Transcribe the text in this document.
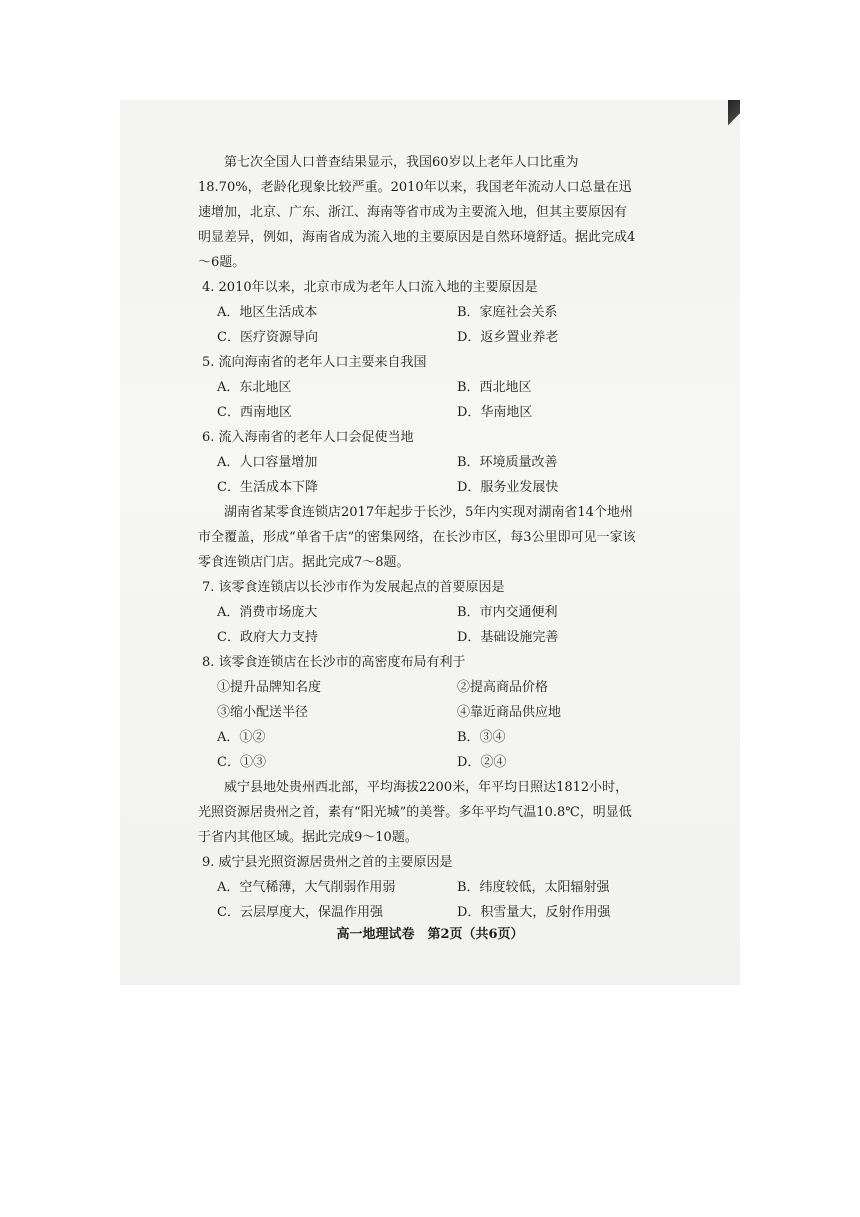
第七次全国人口普查结果显示，我国60岁以上老年人口比重为18.70%，老龄化现象比较严重。2010年以来，我国老年流动人口总量在迅速增加，北京、广东、浙江、海南等省市成为主要流入地，但其主要原因有明显差异，例如，海南省成为流入地的主要原因是自然环境舒适。据此完成4～6题。

4. 2010年以来，北京市成为老年人口流入地的主要原因是

A．地区生活成本	B．家庭社会关系
C．医疗资源导向	D．返乡置业养老

5. 流向海南省的老年人口主要来自我国

A．东北地区	B．西北地区
C．西南地区	D．华南地区

6. 流入海南省的老年人口会促使当地

A．人口容量增加	B．环境质量改善
C．生活成本下降	D．服务业发展快

湖南省某零食连锁店2017年起步于长沙，5年内实现对湖南省14个地州市全覆盖，形成“单省千店”的密集网络，在长沙市区，每3公里即可见一家该零食连锁店门店。据此完成7～8题。

7. 该零食连锁店以长沙市作为发展起点的首要原因是

A．消费市场庞大	B．市内交通便利
C．政府大力支持	D．基础设施完善

8. 该零食连锁店在长沙市的高密度布局有利于

①提升品牌知名度	②提高商品价格
③缩小配送半径	④靠近商品供应地
A．①②	B．③④
C．①③	D．②④

威宁县地处贵州西北部，平均海拔2200米，年平均日照达1812小时，光照资源居贵州之首，素有“阳光城”的美誉。多年平均气温10.8℃，明显低于省内其他区域。据此完成9～10题。

9. 威宁县光照资源居贵州之首的主要原因是

A．空气稀薄，大气削弱作用弱	B．纬度较低，太阳辐射强
C．云层厚度大，保温作用强	D．积雪量大，反射作用强
高一地理试卷　第2页（共6页）
